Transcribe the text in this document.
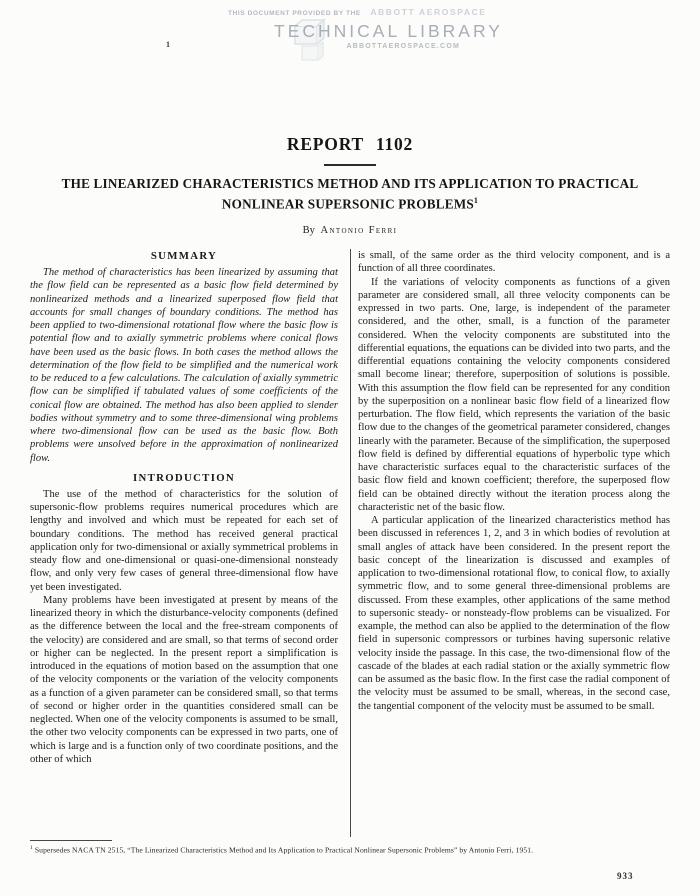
THIS DOCUMENT PROVIDED BY THE ABBOTT AEROSPACE
TECHNICAL LIBRARY
ABBOTTAEROSPACE.COM
1
REPORT 1102
THE LINEARIZED CHARACTERISTICS METHOD AND ITS APPLICATION TO PRACTICAL
NONLINEAR SUPERSONIC PROBLEMS$^1$
By Antonio Ferri
SUMMARY

The method of characteristics has been linearized by assuming that the flow field can be represented as a basic flow field determined by nonlinearized methods and a linearized superposed flow field that accounts for small changes of boundary conditions. The method has been applied to two-dimensional rotational flow where the basic flow is potential flow and to axially symmetric problems where conical flows have been used as the basic flows. In both cases the method allows the determination of the flow field to be simplified and the numerical work to be reduced to a few calculations. The calculation of axially symmetric flow can be simplified if tabulated values of some coefficients of the conical flow are obtained. The method has also been applied to slender bodies without symmetry and to some three-dimensional wing problems where two-dimensional flow can be used as the basic flow. Both problems were unsolved before in the approximation of nonlinearized flow.

INTRODUCTION

The use of the method of characteristics for the solution of supersonic-flow problems requires numerical procedures which are lengthy and involved and which must be repeated for each set of boundary conditions. The method has received general practical application only for two-dimensional or axially symmetrical problems in steady flow and one-dimensional or quasi-one-dimensional nonsteady flow, and only very few cases of general three-dimensional flow have yet been investigated.

Many problems have been investigated at present by means of the linearized theory in which the disturbance-velocity components (defined as the difference between the local and the free-stream components of the velocity) are considered and are small, so that terms of second order or higher can be neglected. In the present report a simplification is introduced in the equations of motion based on the assumption that one of the velocity components or the variation of the velocity components as a function of a given parameter can be considered small, so that terms of second or higher order in the quantities considered small can be neglected. When one of the velocity components is assumed to be small, the other two velocity components can be expressed in two parts, one of which is large and is a function only of two coordinate positions, and the other of which

is small, of the same order as the third velocity component, and is a function of all three coordinates.

If the variations of velocity components as functions of a given parameter are considered small, all three velocity components can be expressed in two parts. One, large, is independent of the parameter considered, and the other, small, is a function of the parameter considered. When the velocity components are substituted into the differential equations, the equations can be divided into two parts, and the differential equations containing the velocity components considered small become linear; therefore, superposition of solutions is possible. With this assumption the flow field can be represented for any condition by the superposition on a nonlinear basic flow field of a linearized flow perturbation. The flow field, which represents the variation of the basic flow due to the changes of the geometrical parameter considered, changes linearly with the parameter. Because of the simplification, the superposed flow field is defined by differential equations of hyperbolic type which have characteristic surfaces equal to the characteristic surfaces of the basic flow field and known coefficient; therefore, the superposed flow field can be obtained directly without the iteration process along the characteristic net of the basic flow.

A particular application of the linearized characteristics method has been discussed in references 1, 2, and 3 in which bodies of revolution at small angles of attack have been considered. In the present report the basic concept of the linearization is discussed and examples of application to two-dimensional rotational flow, to conical flow, to axially symmetric flow, and to some general three-dimensional problems are discussed. From these examples, other applications of the same method to supersonic steady- or nonsteady-flow problems can be visualized. For example, the method can also be applied to the determination of the flow field in supersonic compressors or turbines having supersonic relative velocity inside the passage. In this case, the two-dimensional flow of the cascade of the blades at each radial station or the axially symmetric flow can be assumed as the basic flow. In the first case the radial component of the velocity must be assumed to be small, whereas, in the second case, the tangential component of the velocity must be assumed to be small.

$^1$ Supersedes NACA TN 2515, “The Linearized Characteristics Method and Its Application to Practical Nonlinear Supersonic Problems” by Antonio Ferri, 1951.

933
